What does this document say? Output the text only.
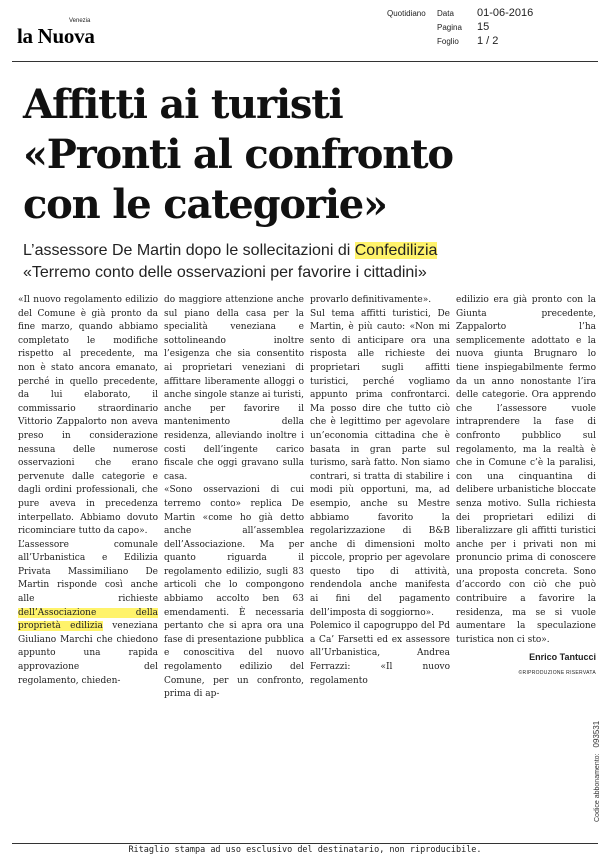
Venezia
la Nuova
Quotidiano Data 01-06-2016
Pagina 15
Foglio 1 / 2
Affitti ai turisti
«Pronti al confronto
con le categorie»
L’assessore De Martin dopo le sollecitazioni di Confedilizia
«Terremo conto delle osservazioni per favorire i cittadini»

«Il nuovo regolamento edilizio del Comune è già pronto da fine marzo, quando abbiamo completato le modifiche rispetto al precedente, ma non è stato ancora emanato, perché in quello precedente, da lui elaborato, il commissario straordinario Vittorio Zappalorto non aveva preso in considerazione nessuna delle numerose osservazioni che erano pervenute dalle categorie e dagli ordini professionali, che pure aveva in precedenza interpellato. Abbiamo dovuto ricominciare tutto da capo».

L’assessore comunale all’Urbanistica e Edilizia Privata Massimiliano De Martin risponde così anche alle richieste dell’Associazione della proprietà edilizia veneziana Giuliano Marchi che chiedono appunto una rapida approvazione del regolamento, chieden-

do maggiore attenzione anche sul piano della casa per la specialità veneziana e sottolineando inoltre l’esigenza che sia consentito ai proprietari veneziani di affittare liberamente alloggi o anche singole stanze ai turisti, anche per favorire il mantenimento della residenza, alleviando inoltre i costi dell’ingente carico fiscale che oggi gravano sulla casa.

«Sono osservazioni di cui terremo conto» replica De Martin «come ho già detto anche all’assemblea dell’Associazione. Ma per quanto riguarda il regolamento edilizio, sugli 83 articoli che lo compongono abbiamo accolto ben 63 emendamenti. È necessaria pertanto che si apra ora una fase di presentazione pubblica e conoscitiva del nuovo regolamento edilizio del Comune, per un confronto, prima di ap-

provarlo definitivamente».

Sul tema affitti turistici, De Martin, è più cauto: «Non mi sento di anticipare ora una risposta alle richieste dei proprietari sugli affitti turistici, perché vogliamo appunto prima confrontarci. Ma posso dire che tutto ciò che è legittimo per agevolare un’economia cittadina che è basata in gran parte sul turismo, sarà fatto. Non siamo contrari, si tratta di stabilire i modi più opportuni, ma, ad esempio, anche su Mestre abbiamo favorito la regolarizzazione di B&B anche di dimensioni molto piccole, proprio per agevolare questo tipo di attività, rendendola anche manifesta ai fini del pagamento dell’imposta di soggiorno».

Polemico il capogruppo del Pd a Ca’ Farsetti ed ex assessore all’Urbanistica, Andrea Ferrazzi: «Il nuovo regolamento

edilizio era già pronto con la Giunta precedente, Zappalorto l’ha semplicemente adottato e la nuova giunta Brugnaro lo tiene inspiegabilmente fermo da un anno nonostante l’ira delle categorie. Ora apprendo che l’assessore vuole intraprendere la fase di confronto pubblico sul regolamento, ma la realtà è che in Comune c’è la paralisi, con una cinquantina di delibere urbanistiche bloccate senza motivo. Sulla richiesta dei proprietari edilizi di liberalizzare gli affitti turistici anche per i privati non mi pronuncio prima di conoscere una proposta concreta. Sono d’accordo con ciò che può contribuire a favorire la residenza, ma se si vuole aumentare la speculazione turistica non ci sto».

Enrico Tantucci
©RIPRODUZIONE RISERVATA
Codice abbonamento:093531
Ritaglio stampa ad uso esclusivo del destinatario, non riproducibile.
